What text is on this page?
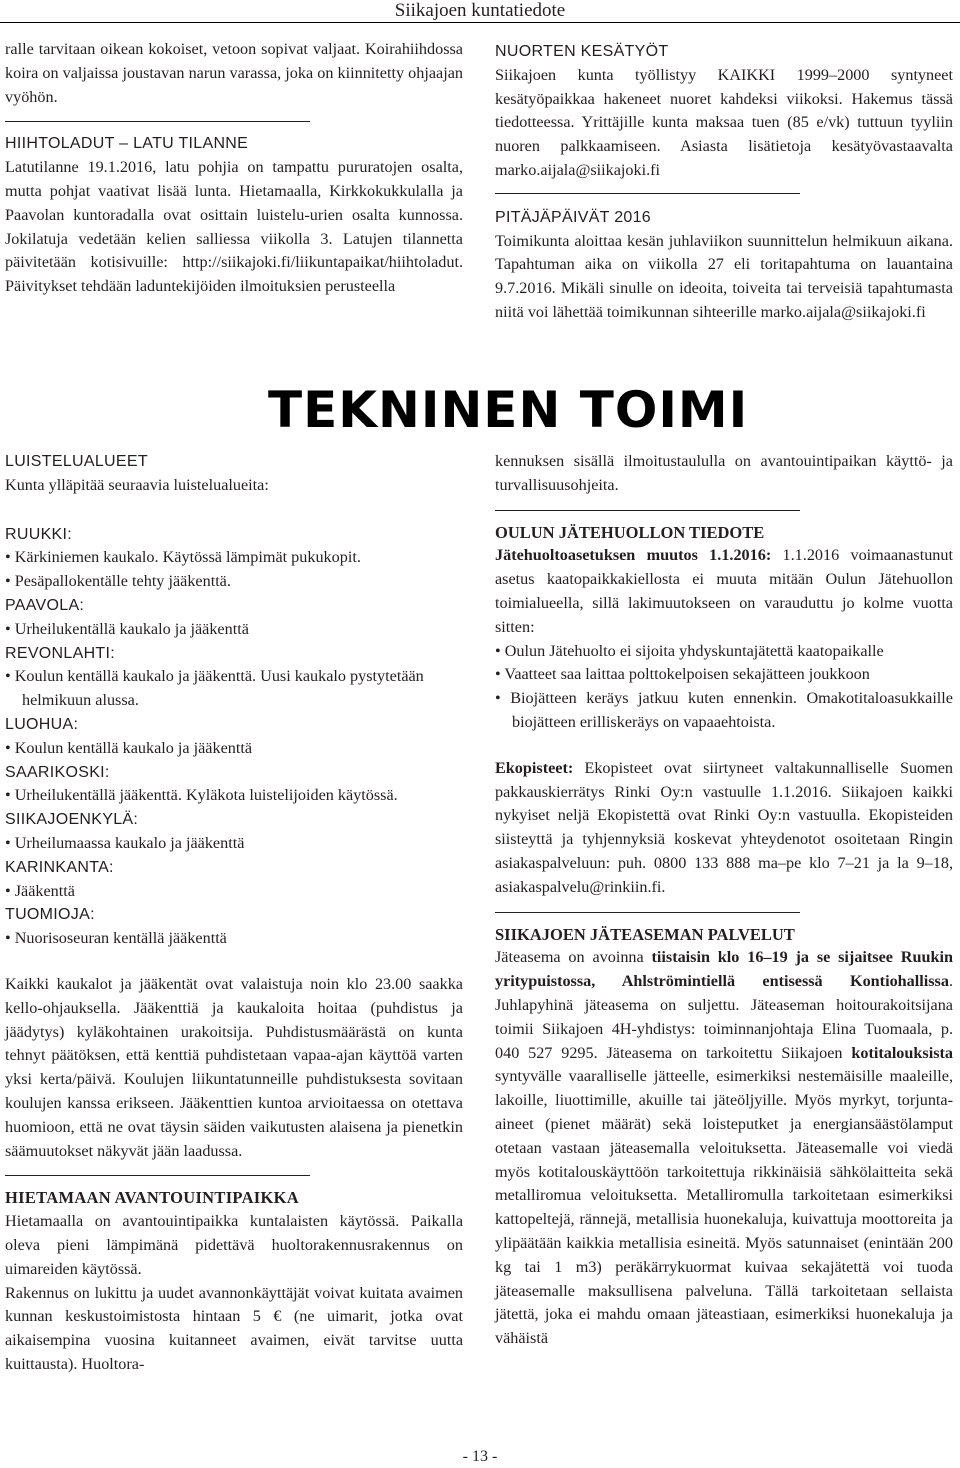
Siikajoen kuntatiedote

ralle tarvitaan oikean kokoiset, vetoon sopivat valjaat. Koirahiihdossa koira on valjaissa joustavan narun varassa, joka on kiinnitetty ohjaajan vyöhön.

HIIHTOLADUT – LATU TILANNE

Latutilanne 19.1.2016, latu pohjia on tampattu pururatojen osalta, mutta pohjat vaativat lisää lunta. Hietamaalla, Kirkkokukkulalla ja Paavolan kuntoradalla ovat osittain luistelu-urien osalta kunnossa. Jokilatuja vedetään kelien salliessa viikolla 3. Latujen tilannetta päivitetään kotisivuille: http://siikajoki.fi/liikuntapaikat/hiihtoladut. Päivitykset tehdään laduntekijöiden ilmoituksien perusteella

NUORTEN KESÄTYÖT

Siikajoen kunta työllistyy KAIKKI 1999–2000 syntyneet kesätyöpaikkaa hakeneet nuoret kahdeksi viikoksi. Hakemus tässä tiedotteessa. Yrittäjille kunta maksaa tuen (85 e/vk) tuttuun tyyliin nuoren palkkaamiseen. Asiasta lisätietoja kesätyövastaavalta marko.aijala@siikajoki.fi

PITÄJÄPÄIVÄT 2016

Toimikunta aloittaa kesän juhlaviikon suunnittelun helmikuun aikana. Tapahtuman aika on viikolla 27 eli toritapahtuma on lauantaina 9.7.2016. Mikäli sinulle on ideoita, toiveita tai terveisiä tapahtumasta niitä voi lähettää toimikunnan sihteerille marko.aijala@siikajoki.fi

TEKNINEN TOIMI

LUISTELUALUEET

Kunta ylläpitää seuraavia luistelualueita:

RUUKKI:

• Kärkiniemen kaukalo. Käytössä lämpimät pukukopit.

• Pesäpallokentälle tehty jääkenttä.

PAAVOLA:

• Urheilukentällä kaukalo ja jääkenttä

REVONLAHTI:

• Koulun kentällä kaukalo ja jääkenttä. Uusi kaukalo pystytetään helmikuun alussa.

LUOHUA:

• Koulun kentällä kaukalo ja jääkenttä

SAARIKOSKI:

• Urheilukentällä jääkenttä. Kyläkota luistelijoiden käytössä.

SIIKAJOENKYLÄ:

• Urheilumaassa kaukalo ja jääkenttä

KARINKANTA:

• Jääkenttä

TUOMIOJA:

• Nuorisoseuran kentällä jääkenttä

Kaikki kaukalot ja jääkentät ovat valaistuja noin klo 23.00 saakka kello-ohjauksella. Jääkenttiä ja kaukaloita hoitaa (puhdistus ja jäädytys) kyläkohtainen urakoitsija. Puhdistusmäärästä on kunta tehnyt päätöksen, että kenttiä puhdistetaan vapaa-ajan käyttöä varten yksi kerta/päivä. Koulujen liikuntatunneille puhdistuksesta sovitaan koulujen kanssa erikseen. Jääkenttien kuntoa arvioitaessa on otettava huomioon, että ne ovat täysin säiden vaikutusten alaisena ja pienetkin säämuutokset näkyvät jään laadussa.

HIETAMAAN AVANTOUINTIPAIKKA

Hietamaalla on avantouintipaikka kuntalaisten käytössä. Paikalla oleva pieni lämpimänä pidettävä huoltorakennusrakennus on uimareiden käytössä.

Rakennus on lukittu ja uudet avannonkäyttäjät voivat kuitata avaimen kunnan keskustoimistosta hintaan 5 € (ne uimarit, jotka ovat aikaisempina vuosina kuitanneet avaimen, eivät tarvitse uutta kuittausta). Huoltora-

kennuksen sisällä ilmoitustaululla on avantouintipaikan käyttö- ja turvallisuusohjeita.

OULUN JÄTEHUOLLON TIEDOTE

Jätehuoltoasetuksen muutos 1.1.2016: 1.1.2016 voimaanastunut asetus kaatopaikkakiellosta ei muuta mitään Oulun Jätehuollon toimialueella, sillä lakimuutokseen on varauduttu jo kolme vuotta sitten:

• Oulun Jätehuolto ei sijoita yhdyskuntajätettä kaatopaikalle

• Vaatteet saa laittaa polttokelpoisen sekajätteen joukkoon

• Biojätteen keräys jatkuu kuten ennenkin. Omakotitaloasukkaille biojätteen erilliskeräys on vapaaehtoista.

Ekopisteet: Ekopisteet ovat siirtyneet valtakunnalliselle Suomen pakkauskierrätys Rinki Oy:n vastuulle 1.1.2016. Siikajoen kaikki nykyiset neljä Ekopistettä ovat Rinki Oy:n vastuulla. Ekopisteiden siisteyttä ja tyhjennyksiä koskevat yhteydenotot osoitetaan Ringin asiakaspalveluun: puh. 0800 133 888 ma–pe klo 7–21 ja la 9–18, asiakaspalvelu@rinkiin.fi.

SIIKAJOEN JÄTEASEMAN PALVELUT

Jäteasema on avoinna tiistaisin klo 16–19 ja se sijaitsee Ruukin yritypuistossa, Ahlströmintiellä entisessä Kontiohallissa. Juhlapyhinä jäteasema on suljettu. Jäteaseman hoitourakoitsijana toimii Siikajoen 4H-yhdistys: toiminnanjohtaja Elina Tuomaala, p. 040 527 9295. Jäteasema on tarkoitettu Siikajoen kotitalouksista syntyvälle vaaralliselle jätteelle, esimerkiksi nestemäisille maaleille, lakoille, liuottimille, akuille tai jäteöljyille. Myös myrkyt, torjunta-aineet (pienet määrät) sekä loisteputket ja energiansäästölamput otetaan vastaan jäteasemalla veloituksetta. Jäteasemalle voi viedä myös kotitalouskäyttöön tarkoitettuja rikkinäisiä sähkölaitteita sekä metalliromua veloituksetta. Metalliromulla tarkoitetaan esimerkiksi kattopeltejä, rännejä, metallisia huonekaluja, kuivattuja moottoreita ja ylipäätään kaikkia metallisia esineitä. Myös satunnaiset (enintään 200 kg tai 1 m3) peräkärrykuormat kuivaa sekajätettä voi tuoda jäteasemalle maksullisena palveluna. Tällä tarkoitetaan sellaista jätettä, joka ei mahdu omaan jäteastiaan, esimerkiksi huonekaluja ja vähäistä

- 13 -
